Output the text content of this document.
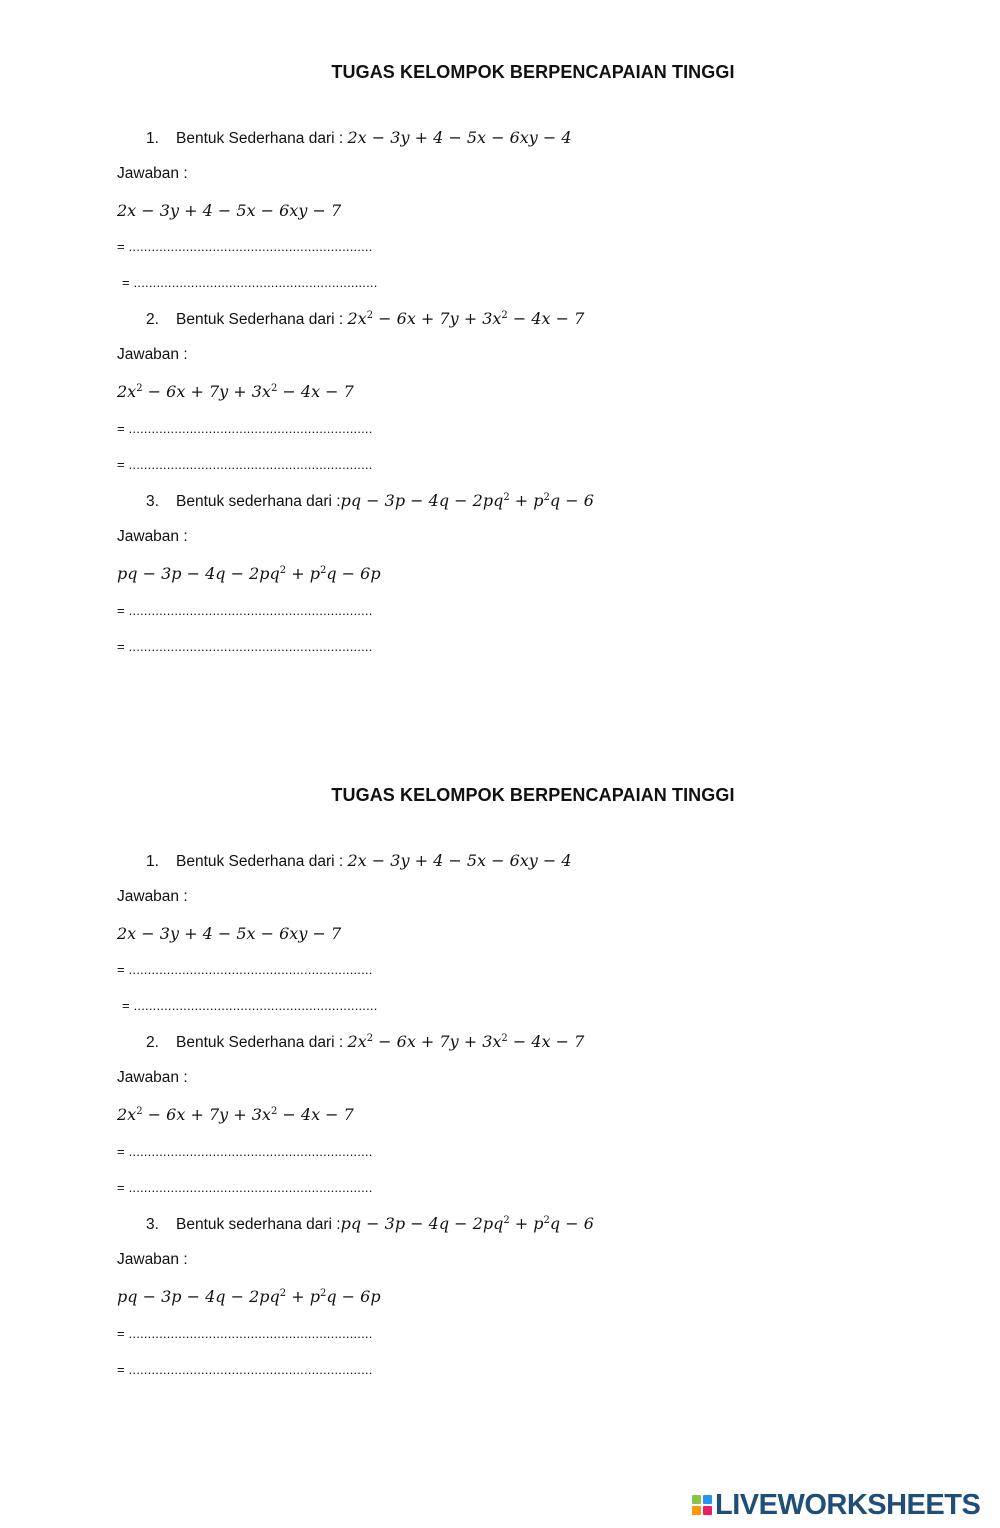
TUGAS KELOMPOK BERPENCAPAIAN TINGGI
1. Bentuk Sederhana dari : 2x − 3y + 4 − 5x − 6xy − 4
Jawaban :
2x − 3y + 4 − 5x − 6xy − 7
= ................................................................
= ................................................................
2. Bentuk Sederhana dari : $2x^2 - 6x + 7y + 3x^2 - 4x - 7$
Jawaban :
$2x^2 - 6x + 7y + 3x^2 - 4x - 7$
= ................................................................
= ................................................................
3. Bentuk sederhana dari :pq − $3p - 4q - 2pq^2 + p^2q - 6$
Jawaban :
pq − $3p - 4q - 2pq^2 + p^2q - 6p$
= ................................................................
= ................................................................
TUGAS KELOMPOK BERPENCAPAIAN TINGGI
1. Bentuk Sederhana dari : 2x − 3y + 4 − 5x − 6xy − 4
Jawaban :
2x − 3y + 4 − 5x − 6xy − 7
= ................................................................
= ................................................................
2. Bentuk Sederhana dari : $2x^2 - 6x + 7y + 3x^2 - 4x - 7$
Jawaban :
$2x^2 - 6x + 7y + 3x^2 - 4x - 7$
= ................................................................
= ................................................................
3. Bentuk sederhana dari :pq − $3p - 4q - 2pq^2 + p^2q - 6$
Jawaban :
pq − $3p - 4q - 2pq^2 + p^2q - 6p$
= ................................................................
= ................................................................
LIVEWORKSHEETS
